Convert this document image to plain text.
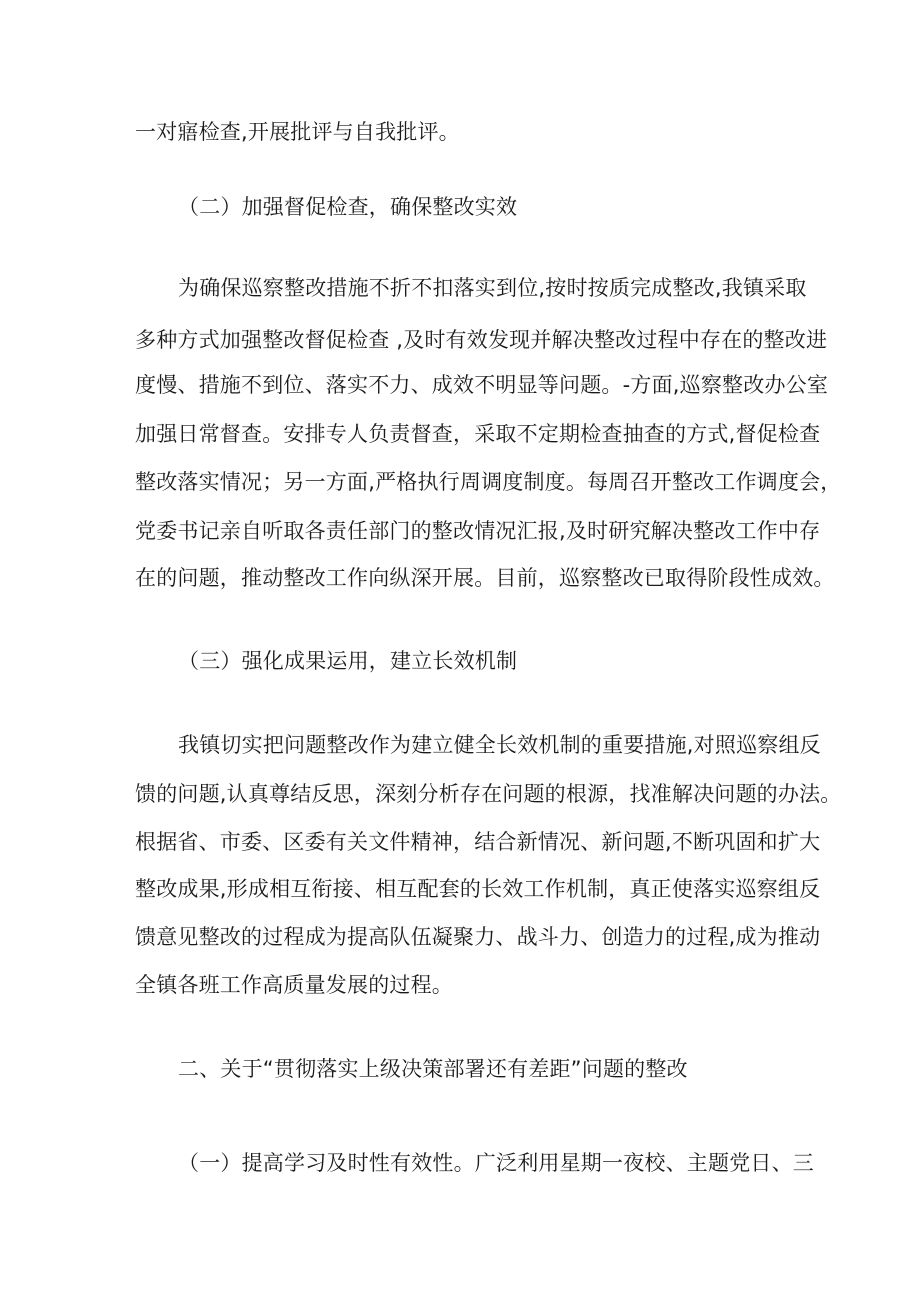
一对寤检查,开展批评与自我批评。
（二）加强督促检查，确保整改实效
为确保巡察整改措施不折不扣落实到位,按时按质完成整改,我镇采取
多种方式加强整改督促检查 ,及时有效发现并解决整改过程中存在的整改进
度慢、措施不到位、落实不力、成效不明显等问题。-方面,巡察整改办公室
加强日常督查。安排专人负责督查，采取不定期检查抽查的方式,督促检查
整改落实情况；另一方面,严格执行周调度制度。每周召开整改工作调度会，
党委书记亲自听取各责任部门的整改情况汇报,及时研究解决整改工作中存
在的问题，推动整改工作向纵深开展。目前，巡察整改已取得阶段性成效。
（三）强化成果运用，建立长效机制
我镇切实把问题整改作为建立健全长效机制的重要措施,对照巡察组反
馈的问题,认真尊结反思，深刻分析存在问题的根源，找准解决问题的办法。
根据省、市委、区委有关文件精神，结合新情况、新问题,不断巩固和扩大
整改成果,形成相互衔接、相互配套的长效工作机制，真正使落实巡察组反
馈意见整改的过程成为提高队伍凝聚力、战斗力、创造力的过程,成为推动
全镇各班工作高质量发展的过程。
二、关于“贯彻落实上级决策部署还有差距”问题的整改
（一）提高学习及时性有效性。广泛利用星期一夜校、主题党日、三
